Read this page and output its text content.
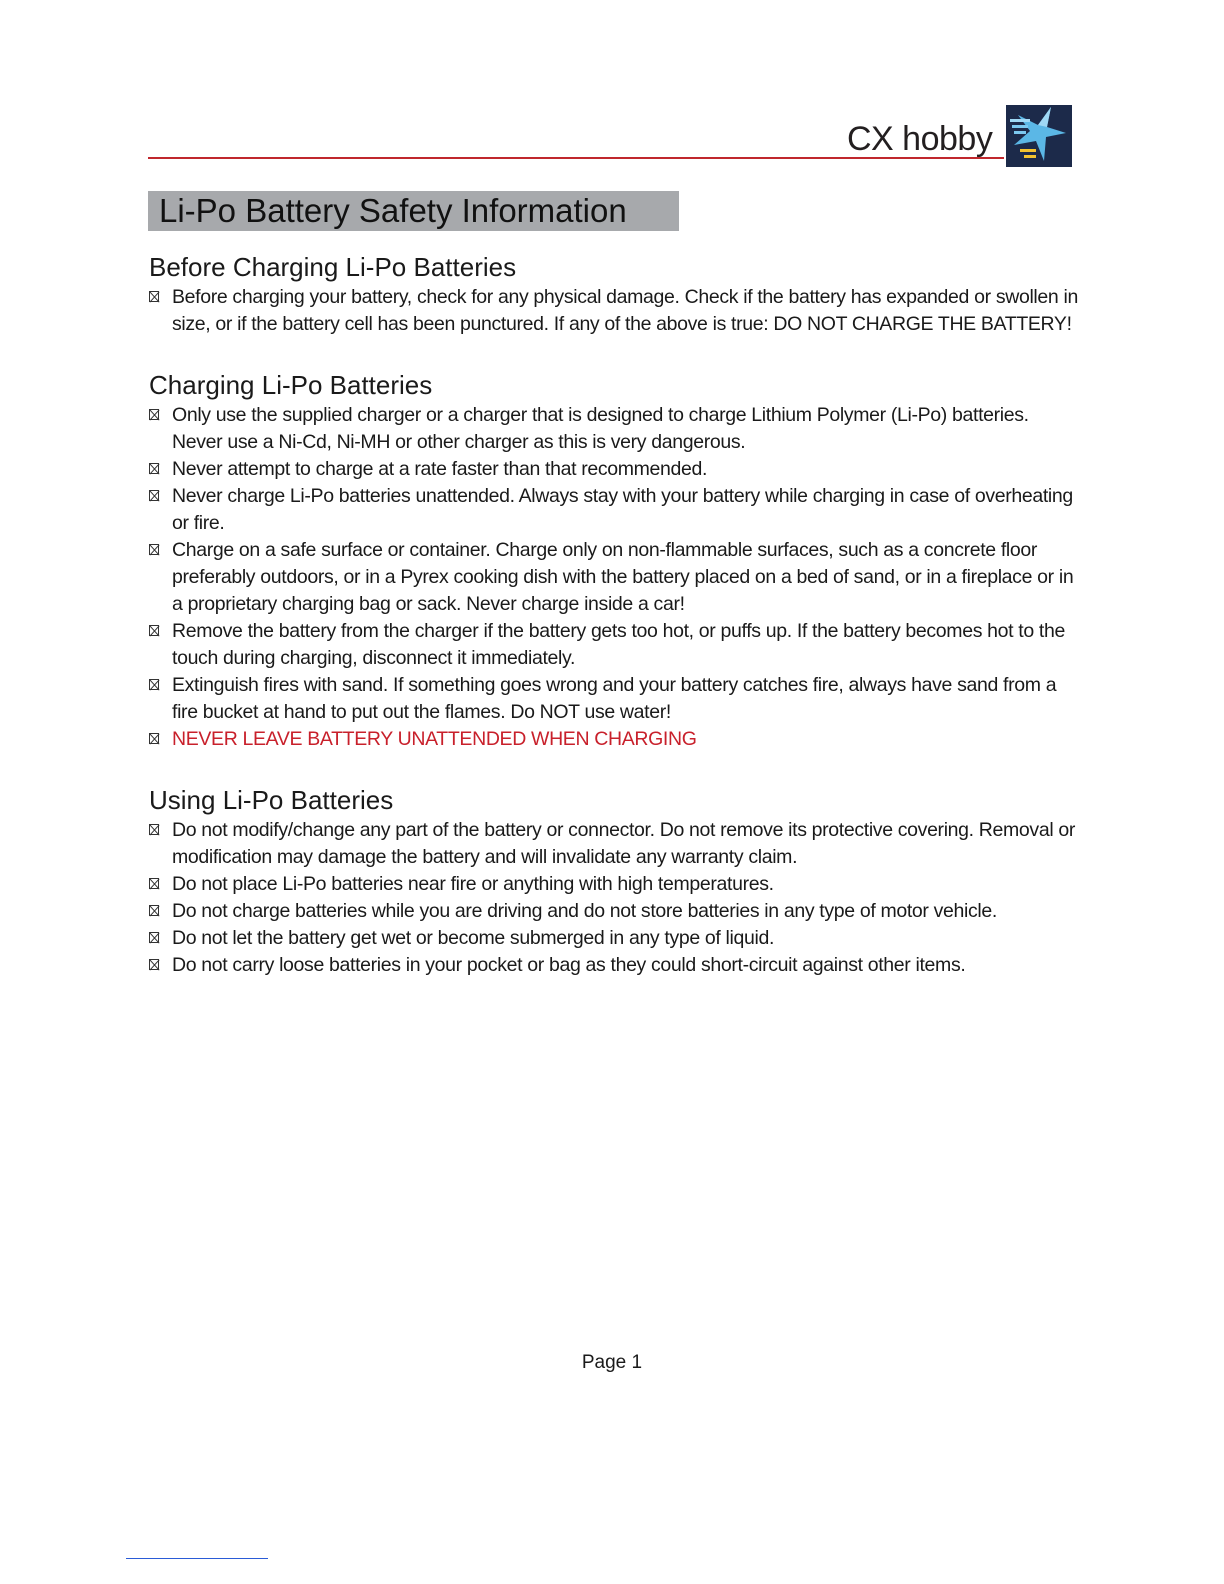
CX hobby
Li-Po Battery Safety Information
Before Charging Li-Po Batteries
Before charging your battery, check for any physical damage. Check if the battery has expanded or swollen in size, or if the battery cell has been punctured. If any of the above is true: DO NOT CHARGE THE BATTERY!
Charging Li-Po Batteries
Only use the supplied charger or a charger that is designed to charge Lithium Polymer (Li-Po) batteries. Never use a Ni-Cd, Ni-MH or other charger as this is very dangerous.
Never attempt to charge at a rate faster than that recommended.
Never charge Li-Po batteries unattended. Always stay with your battery while charging in case of overheating or fire.
Charge on a safe surface or container. Charge only on non-flammable surfaces, such as a concrete floor preferably outdoors, or in a Pyrex cooking dish with the battery placed on a bed of sand, or in a fireplace or in a proprietary charging bag or sack. Never charge inside a car!
Remove the battery from the charger if the battery gets too hot, or puffs up. If the battery becomes hot to the touch during charging, disconnect it immediately.
Extinguish fires with sand. If something goes wrong and your battery catches fire, always have sand from a fire bucket at hand to put out the flames. Do NOT use water!
NEVER LEAVE BATTERY UNATTENDED WHEN CHARGING
Using Li-Po Batteries
Do not modify/change any part of the battery or connector. Do not remove its protective covering. Removal or modification may damage the battery and will invalidate any warranty claim.
Do not place Li-Po batteries near fire or anything with high temperatures.
Do not charge batteries while you are driving and do not store batteries in any type of motor vehicle.
Do not let the battery get wet or become submerged in any type of liquid.
Do not carry loose batteries in your pocket or bag as they could short-circuit against other items.
Page 1
